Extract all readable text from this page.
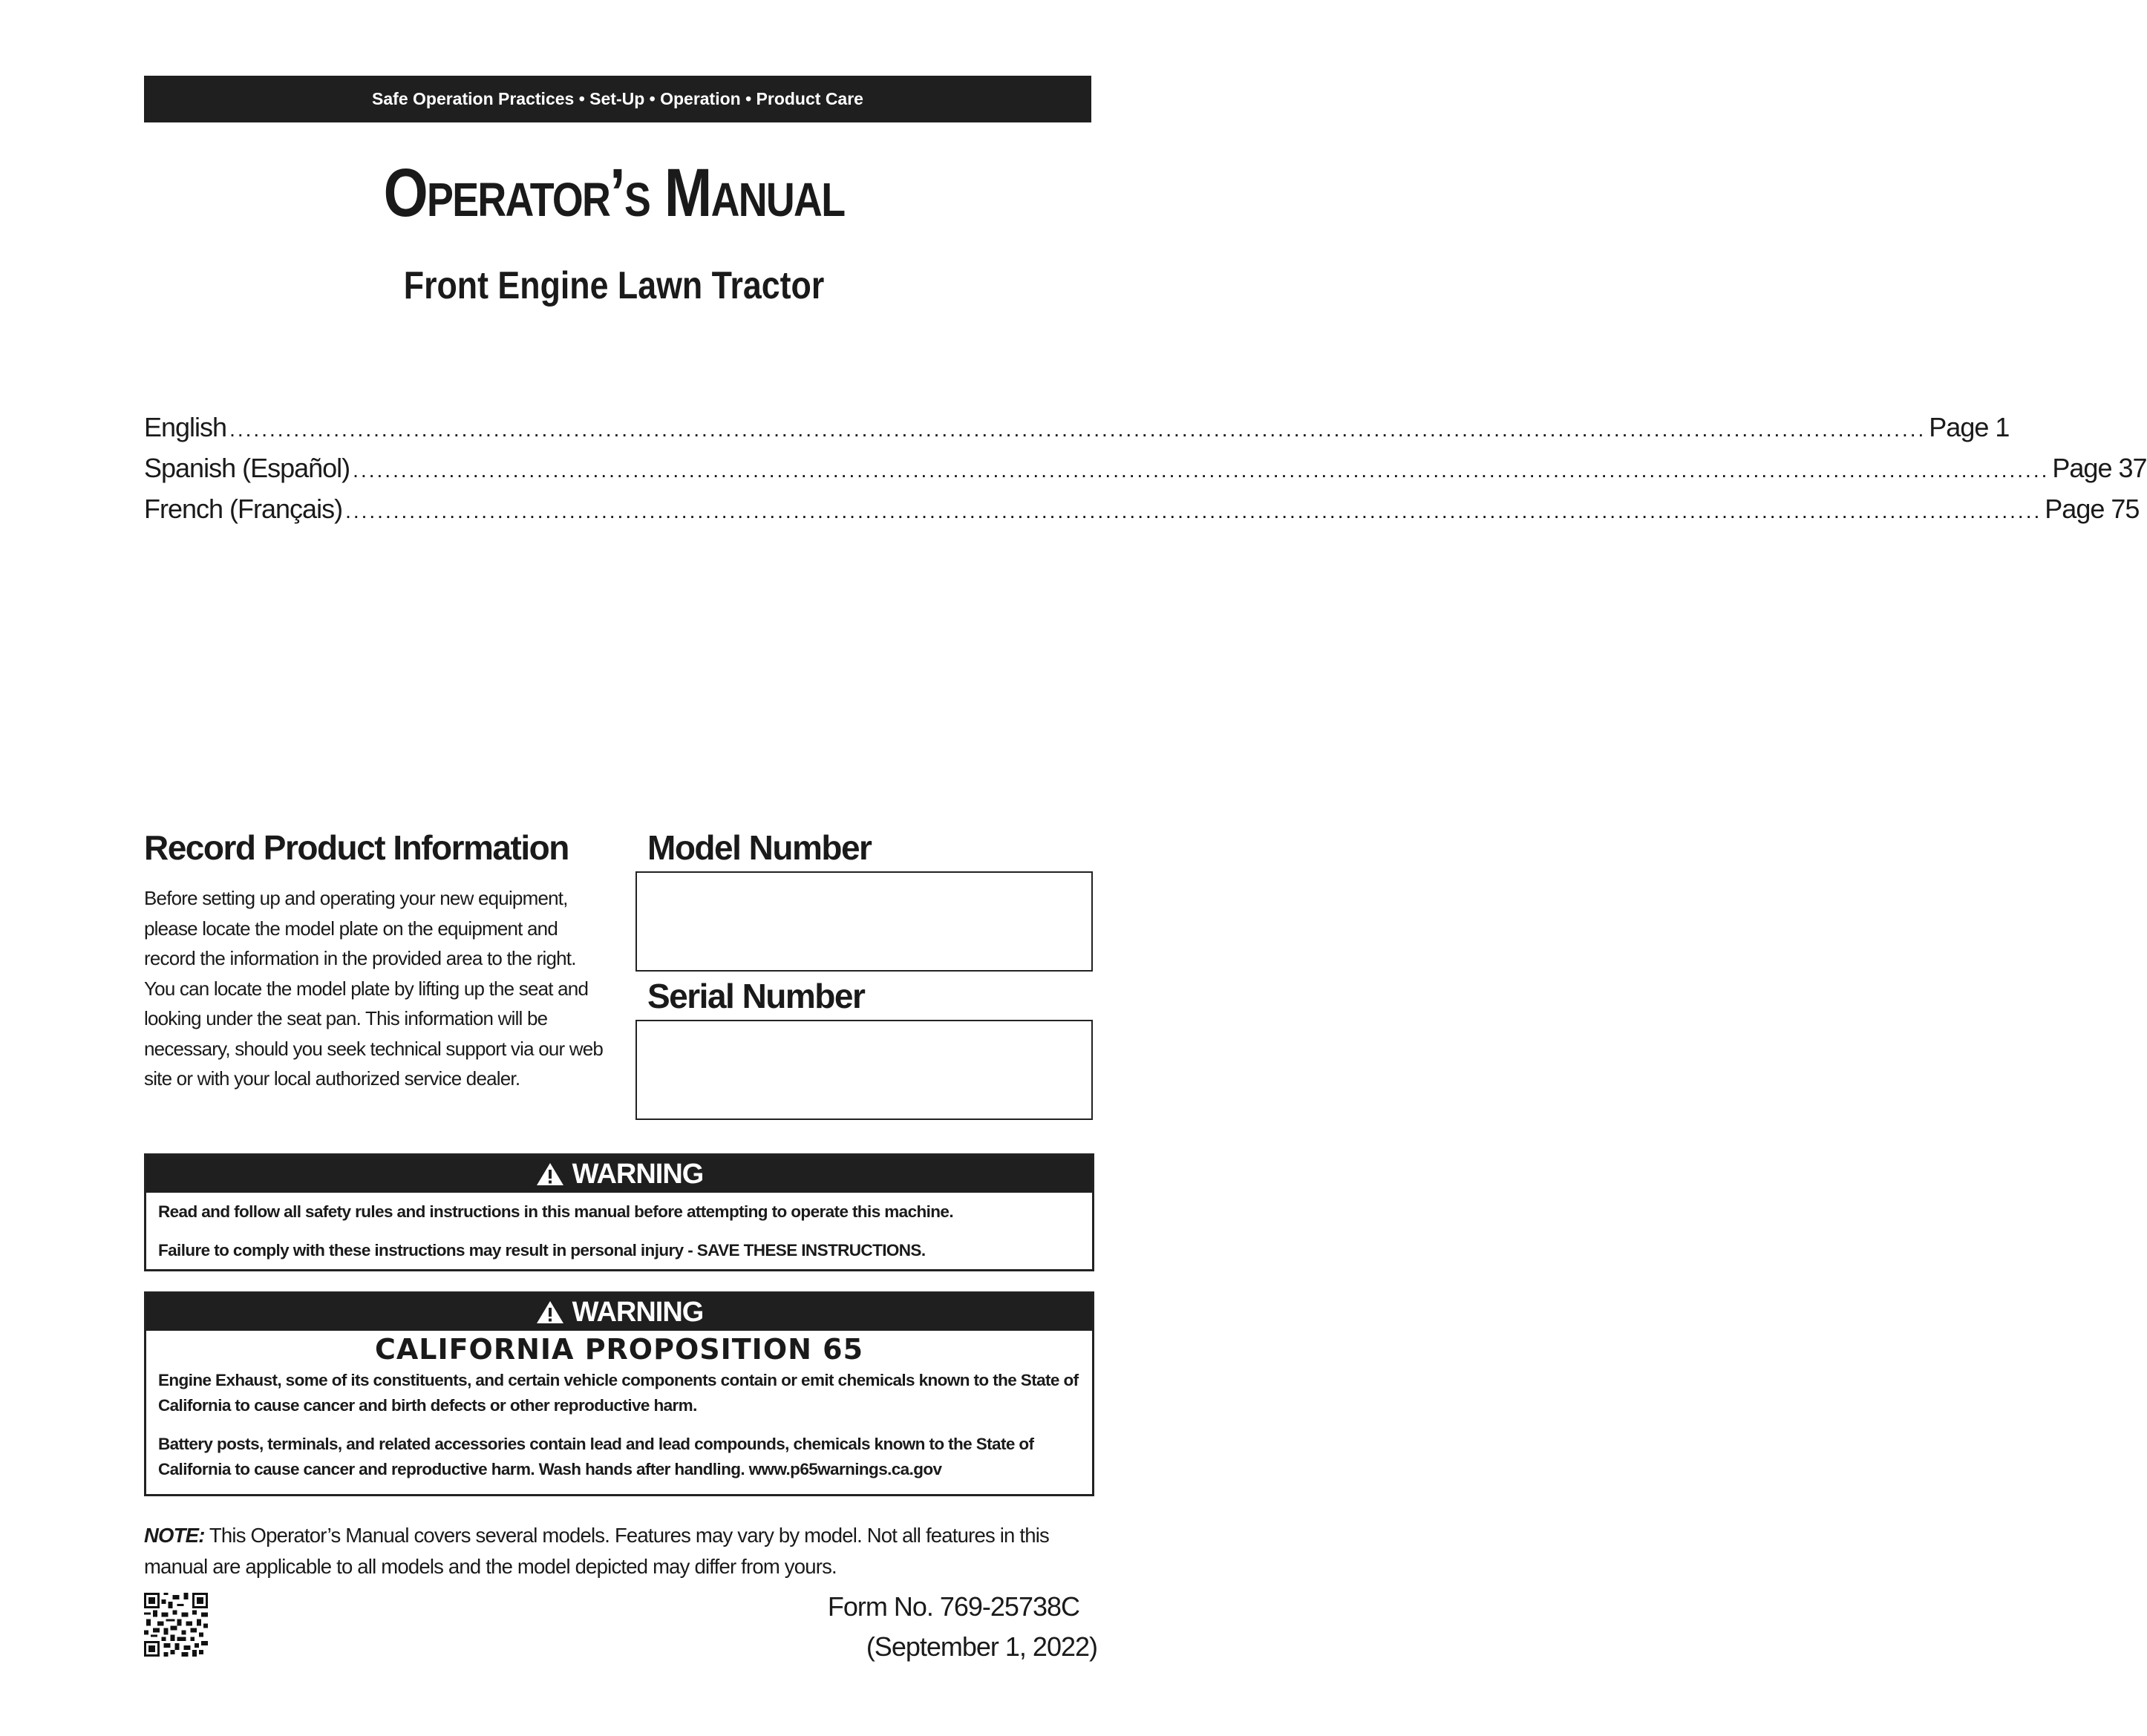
Safe Operation Practices • Set-Up • Operation • Product Care
Operator’s Manual
Front Engine Lawn Tractor
English .................................................................................................................................................................................................................... Page 1
Spanish (Español) .................................................................................................................................................................................................................... Page 37
French (Français) .................................................................................................................................................................................................................... Page 75
Record Product Information
Before setting up and operating your new equipment, please locate the model plate on the equipment and record the information in the provided area to the right. You can locate the model plate by lifting up the seat and looking under the seat pan. This information will be necessary, should you seek technical support via our web site or with your local authorized service dealer.
Model Number
Serial Number
WARNING
Read and follow all safety rules and instructions in this manual before attempting to operate this machine.
Failure to comply with these instructions may result in personal injury - SAVE THESE INSTRUCTIONS.
WARNING
CALIFORNIA PROPOSITION 65
Engine Exhaust, some of its constituents, and certain vehicle components contain or emit chemicals known to the State of California to cause cancer and birth defects or other reproductive harm.
Battery posts, terminals, and related accessories contain lead and lead compounds, chemicals known to the State of California to cause cancer and reproductive harm. Wash hands after handling. www.p65warnings.ca.gov
NOTE: This Operator’s Manual covers several models. Features may vary by model. Not all features in this manual are applicable to all models and the model depicted may differ from yours.
Form No. 769-25738C
(September 1, 2022)
